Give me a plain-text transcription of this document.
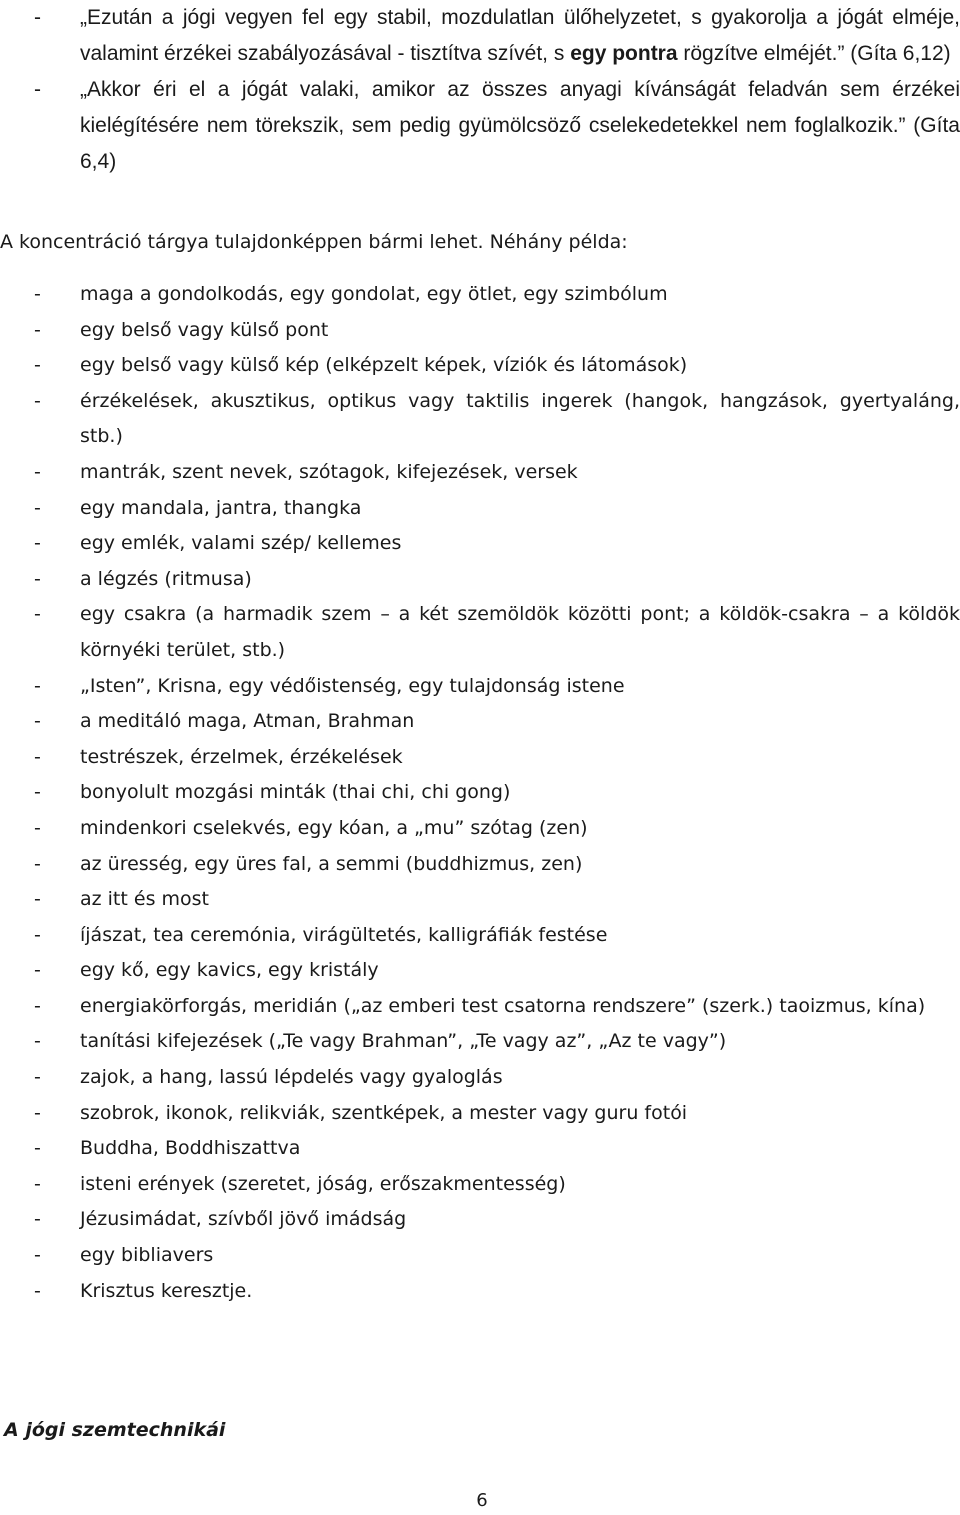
- „Ezután a jógi vegyen fel egy stabil, mozdulatlan ülőhelyzetet, s gyakorolja a jógát elméje, valamint érzékei szabályozásával - tisztítva szívét, s egy pontra rögzítve elméjét.” (Gíta 6,12)
- „Akkor éri el a jógát valaki, amikor az összes anyagi kívánságát feladván sem érzékei kielégítésére nem törekszik, sem pedig gyümölcsöző cselekedetekkel nem foglalkozik.” (Gíta 6,4)
A koncentráció tárgya tulajdonképpen bármi lehet. Néhány példa:
- maga a gondolkodás, egy gondolat, egy ötlet, egy szimbólum
- egy belső vagy külső pont
- egy belső vagy külső kép (elképzelt képek, víziók és látomások)
- érzékelések, akusztikus, optikus vagy taktilis ingerek (hangok, hangzások, gyertyaláng, stb.)
- mantrák, szent nevek, szótagok, kifejezések, versek
- egy mandala, jantra, thangka
- egy emlék, valami szép/ kellemes
- a légzés (ritmusa)
- egy csakra (a harmadik szem – a két szemöldök közötti pont; a köldök-csakra – a köldök környéki terület, stb.)
- „Isten”, Krisna, egy védőistenség, egy tulajdonság istene
- a meditáló maga, Atman, Brahman
- testrészek, érzelmek, érzékelések
- bonyolult mozgási minták (thai chi, chi gong)
- mindenkori cselekvés, egy kóan, a „mu” szótag (zen)
- az üresség, egy üres fal, a semmi (buddhizmus, zen)
- az itt és most
- íjászat, tea ceremónia, virágültetés, kalligráfiák festése
- egy kő, egy kavics, egy kristály
- energiakörforgás, meridián („az emberi test csatorna rendszere” (szerk.) taoizmus, kína)
- tanítási kifejezések („Te vagy Brahman”, „Te vagy az”, „Az te vagy”)
- zajok, a hang, lassú lépdelés vagy gyaloglás
- szobrok, ikonok, relikviák, szentképek, a mester vagy guru fotói
- Buddha, Boddhiszattva
- isteni erények (szeretet, jóság, erőszakmentesség)
- Jézusimádat, szívből jövő imádság
- egy bibliavers
- Krisztus keresztje.
A jógi szemtechnikái
6
